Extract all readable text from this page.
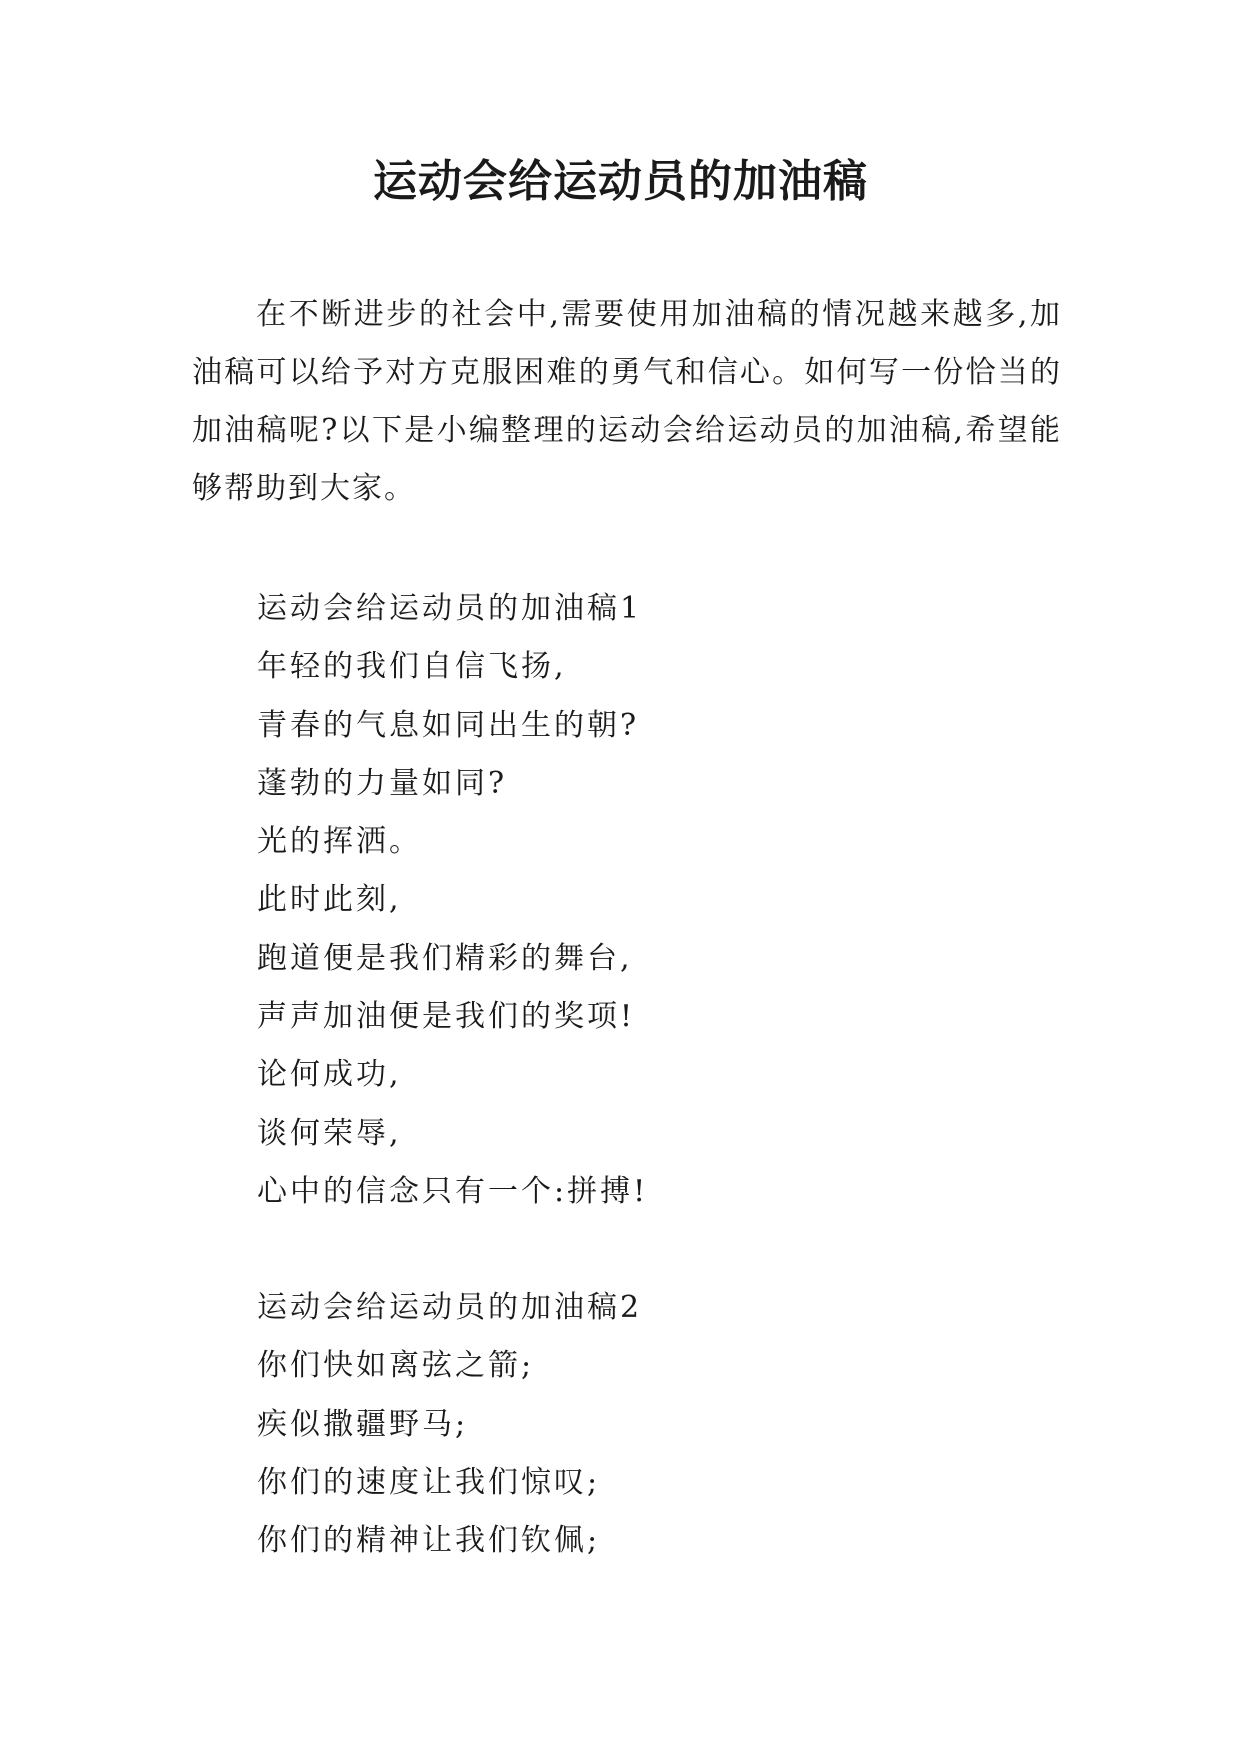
运动会给运动员的加油稿

在不断进步的社会中,需要使用加油稿的情况越来越多,加油稿可以给予对方克服困难的勇气和信心。如何写一份恰当的加油稿呢?以下是小编整理的运动会给运动员的加油稿,希望能够帮助到大家。

运动会给运动员的加油稿1
年轻的我们自信飞扬,
青春的气息如同出生的朝?
蓬勃的力量如同?
光的挥洒。
此时此刻,
跑道便是我们精彩的舞台,
声声加油便是我们的奖项!
论何成功,
谈何荣辱,
心中的信念只有一个:拼搏!
运动会给运动员的加油稿2
你们快如离弦之箭;
疾似撒疆野马;
你们的速度让我们惊叹;
你们的精神让我们钦佩;
